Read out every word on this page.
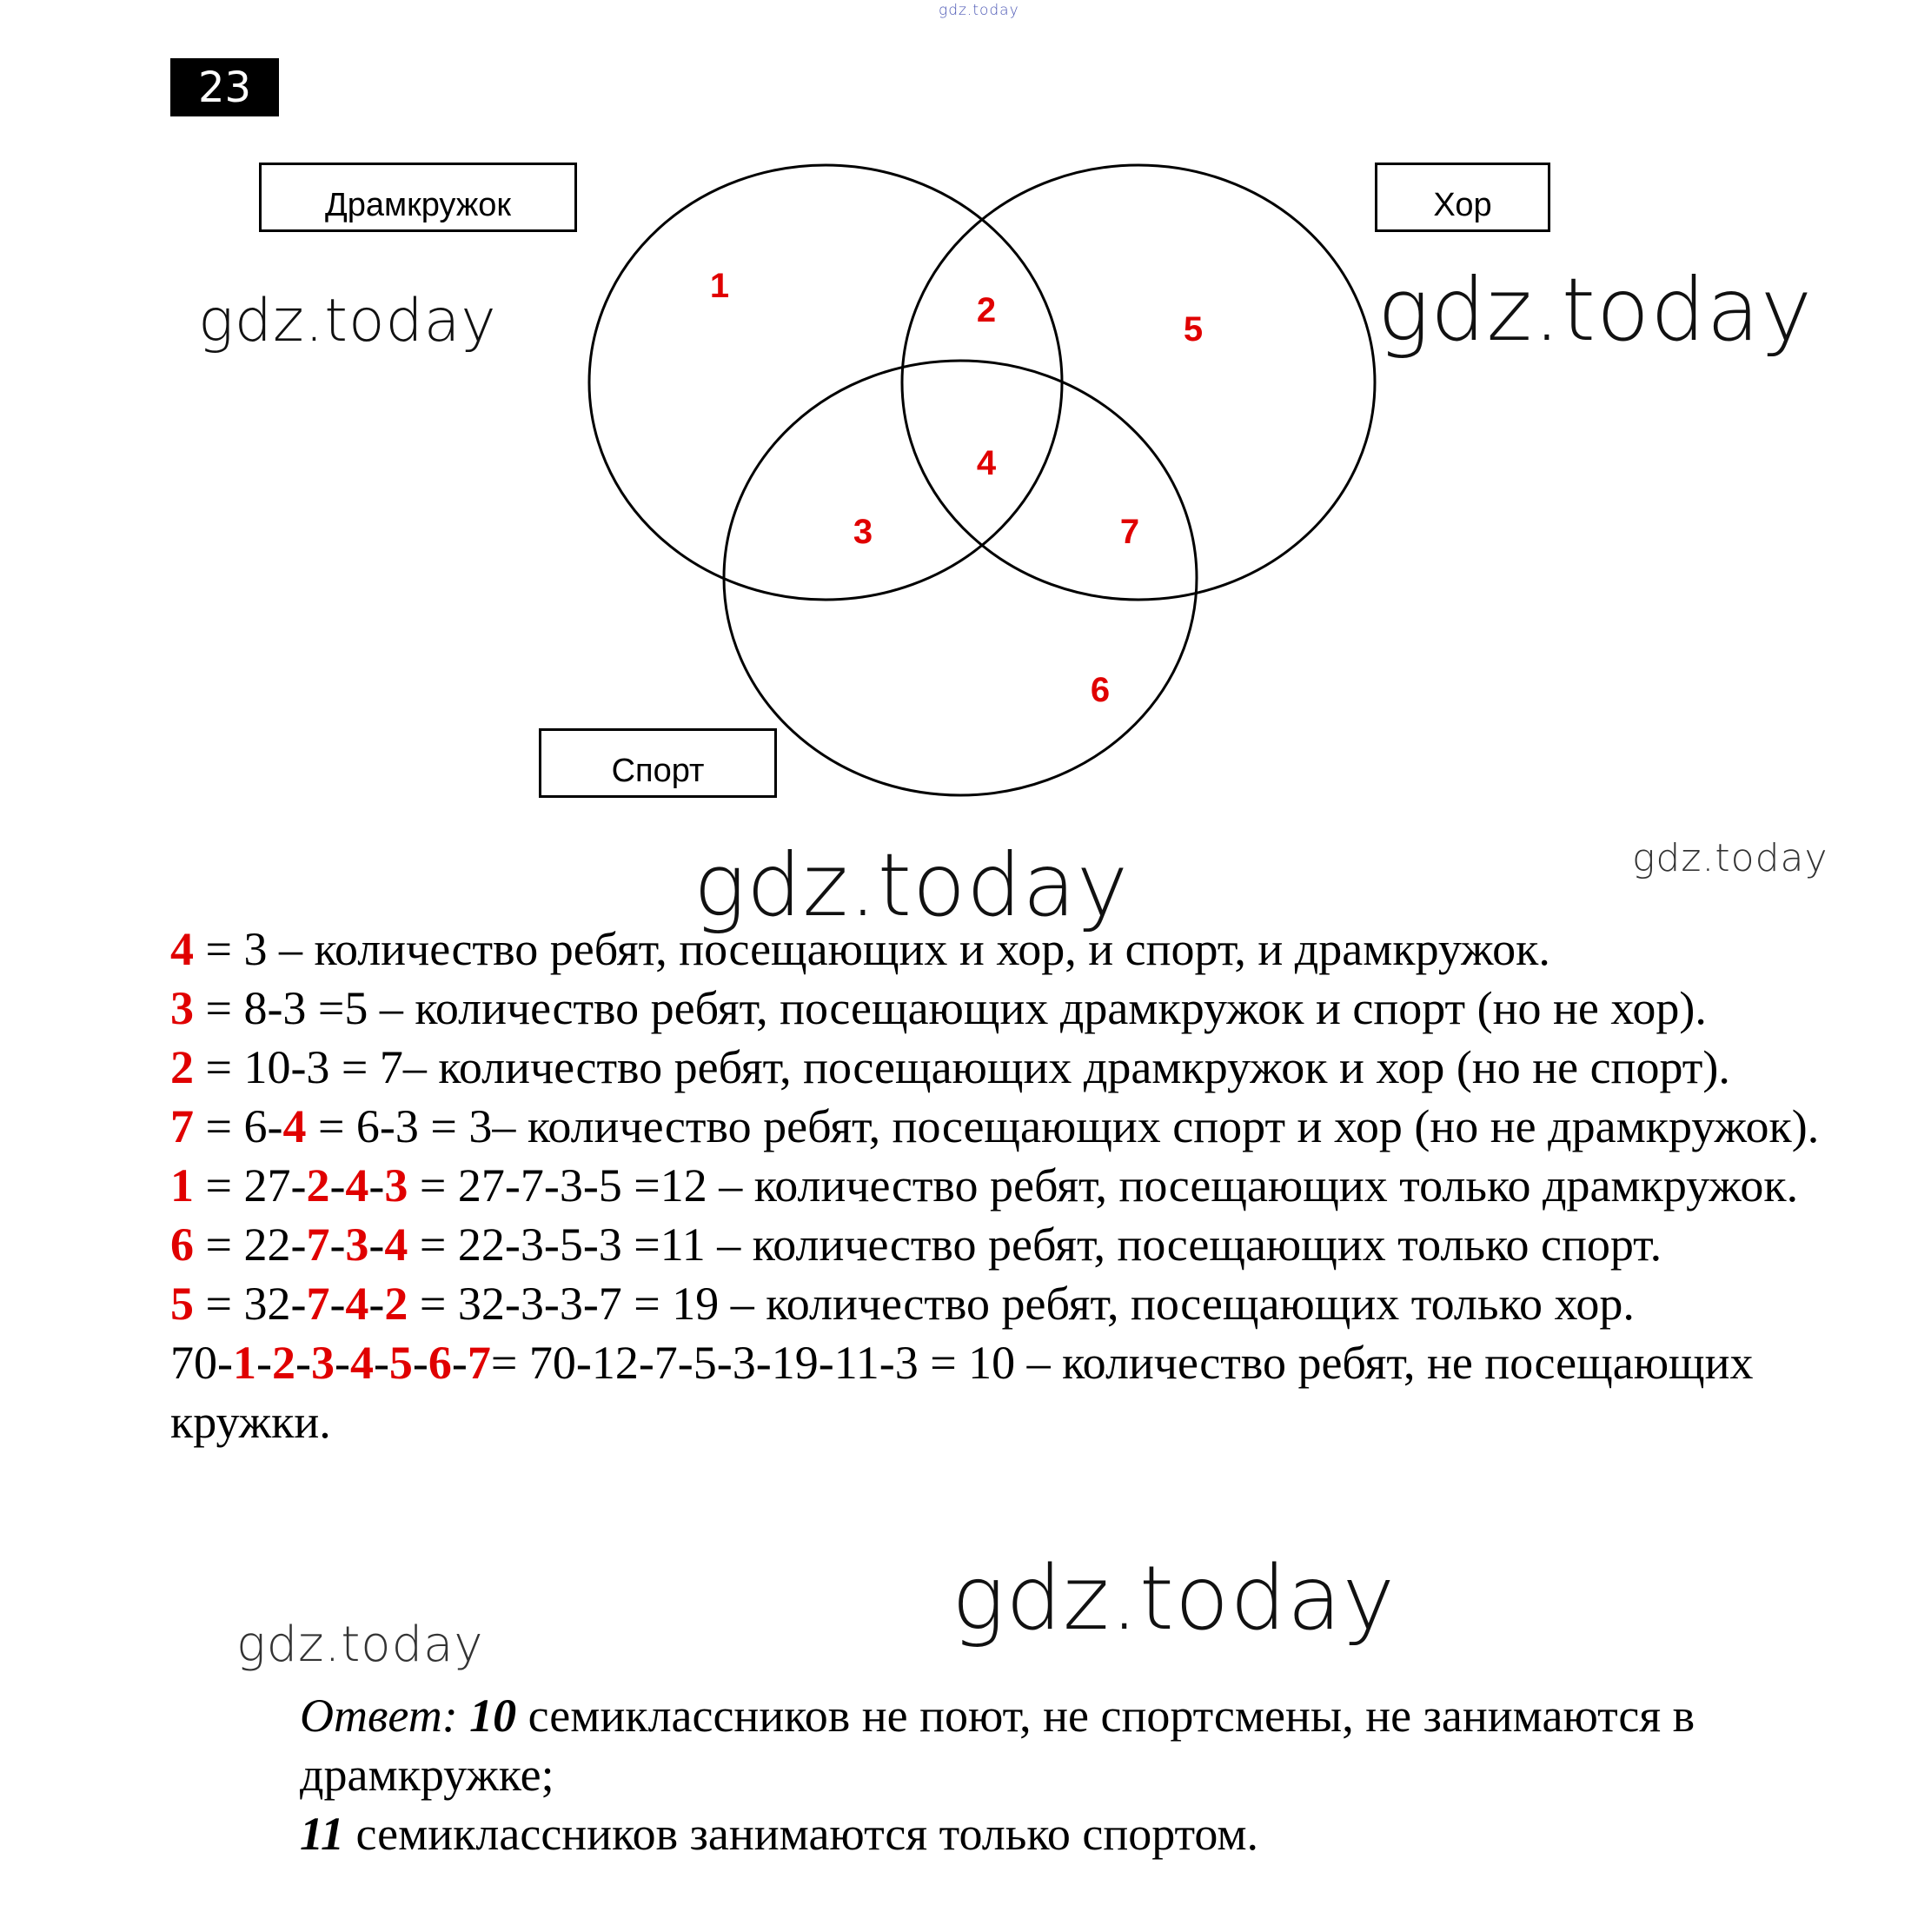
gdz.today
23
1
2
3
4
5
6
7
Драмкружок	Хор
Спорт
gdz.today	gdz.today

4 = 3 – количество ребят, посещающих и хор, и спорт, и драмкружок.

3 = 8-3 =5 – количество ребят, посещающих драмкружок и спорт (но не хор).

2 = 10-3 = 7– количество ребят, посещающих драмкружок и хор (но не спорт).

7 = 6-4 = 6-3 = 3– количество ребят, посещающих спорт и хор (но не драмкружок).

1 = 27-2-4-3 = 27-7-3-5 =12 – количество ребят, посещающих только драмкружок.

6 = 22-7-3-4 = 22-3-5-3 =11 – количество ребят, посещающих только спорт.

5 = 32-7-4-2 = 32-3-3-7 = 19 – количество ребят, посещающих только хор.

70-1-2-3-4-5-6-7= 70-12-7-5-3-19-11-3 = 10 – количество ребят, не посещающих кружки.

Ответ: 10 семиклассников не поют, не спортсмены, не занимаются в драмкружке;

11 семиклассников занимаются только спортом.

gdz.today	gdz.today
gdz.today
gdz.today
